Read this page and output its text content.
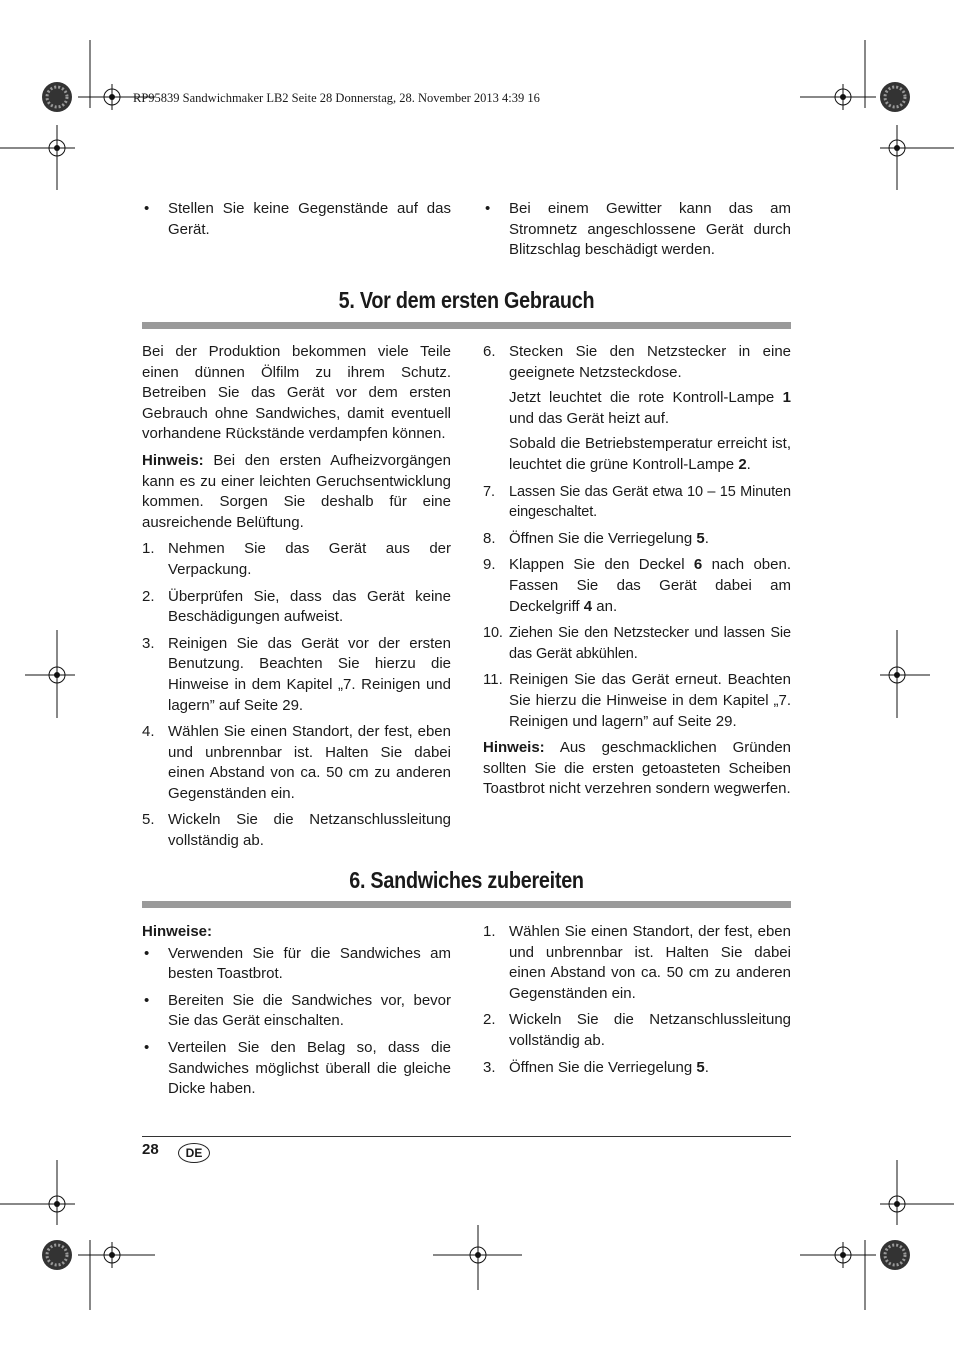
RP95839 Sandwichmaker LB2 Seite 28 Donnerstag, 28. November 2013 4:39 16
• Stellen Sie keine Gegenstände auf das Gerät.
• Bei einem Gewitter kann das am Stromnetz angeschlossene Gerät durch Blitzschlag beschädigt werden.
5. Vor dem ersten Gebrauch

Bei der Produktion bekommen viele Teile einen dünnen Ölfilm zu ihrem Schutz. Betreiben Sie das Gerät vor dem ersten Gebrauch ohne Sandwiches, damit eventuell vorhandene Rückstände verdampfen können.

Hinweis: Bei den ersten Aufheizvorgängen kann es zu einer leichten Geruchsentwicklung kommen. Sorgen Sie deshalb für eine ausreichende Belüftung.

1. Nehmen Sie das Gerät aus der Verpackung.
2. Überprüfen Sie, dass das Gerät keine Beschädigungen aufweist.
3. Reinigen Sie das Gerät vor der ersten Benutzung. Beachten Sie hierzu die Hinweise in dem Kapitel „7. Reinigen und lagern” auf Seite 29.
4. Wählen Sie einen Standort, der fest, eben und unbrennbar ist. Halten Sie dabei einen Abstand von ca. 50 cm zu anderen Gegenständen ein.
5. Wickeln Sie die Netzanschlussleitung vollständig ab.
6. Stecken Sie den Netzstecker in eine geeignete Netzsteckdose.

Jetzt leuchtet die rote Kontroll-Lampe 1 und das Gerät heizt auf.

Sobald die Betriebstemperatur erreicht ist, leuchtet die grüne Kontroll-Lampe 2.

7. Lassen Sie das Gerät etwa 10 – 15 Minuten eingeschaltet.
8. Öffnen Sie die Verriegelung 5.
9. Klappen Sie den Deckel 6 nach oben. Fassen Sie das Gerät dabei am Deckelgriff 4 an.
10. Ziehen Sie den Netzstecker und lassen Sie das Gerät abkühlen.
11. Reinigen Sie das Gerät erneut. Beachten Sie hierzu die Hinweise in dem Kapitel „7. Reinigen und lagern” auf Seite 29.

Hinweis: Aus geschmacklichen Gründen sollten Sie die ersten getoasteten Scheiben Toastbrot nicht verzehren sondern wegwerfen.

6. Sandwiches zubereiten

Hinweise:

• Verwenden Sie für die Sandwiches am besten Toastbrot.
• Bereiten Sie die Sandwiches vor, bevor Sie das Gerät einschalten.
• Verteilen Sie den Belag so, dass die Sandwiches möglichst überall die gleiche Dicke haben.
1. Wählen Sie einen Standort, der fest, eben und unbrennbar ist. Halten Sie dabei einen Abstand von ca. 50 cm zu anderen Gegenständen ein.
2. Wickeln Sie die Netzanschlussleitung vollständig ab.
3. Öffnen Sie die Verriegelung 5.
28	DE
